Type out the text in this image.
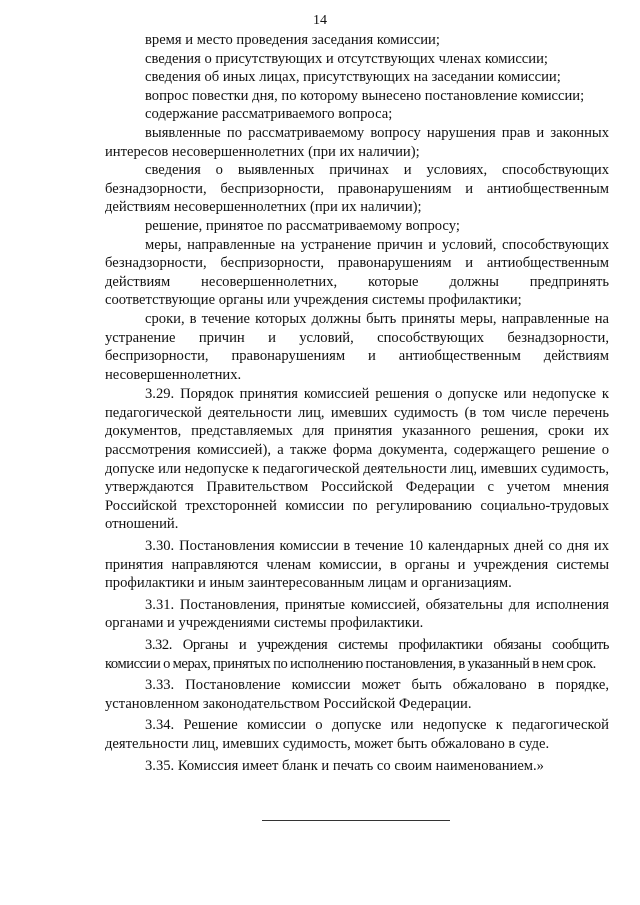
14

время и место проведения заседания комиссии;

сведения о присутствующих и отсутствующих членах комиссии;

сведения об иных лицах, присутствующих на заседании комиссии;

вопрос повестки дня, по которому вынесено постановление комиссии;

содержание рассматриваемого вопроса;

выявленные по рассматриваемому вопросу нарушения прав и законных интересов несовершеннолетних (при их наличии);

сведения о выявленных причинах и условиях, способствующих безнадзорности, беспризорности, правонарушениям и антиобщественным действиям несовершеннолетних (при их наличии);

решение, принятое по рассматриваемому вопросу;

меры, направленные на устранение причин и условий, способствующих безнадзорности, беспризорности, правонарушениям и антиобщественным действиям несовершеннолетних, которые должны предпринять соответствующие органы или учреждения системы профилактики;

сроки, в течение которых должны быть приняты меры, направленные на устранение причин и условий, способствующих безнадзорности, беспризорности, правонарушениям и антиобщественным действиям несовершеннолетних.

3.29. Порядок принятия комиссией решения о допуске или недопуске к педагогической деятельности лиц, имевших судимость (в том числе перечень документов, представляемых для принятия указанного решения, сроки их рассмотрения комиссией), а также форма документа, содержащего решение о допуске или недопуске к педагогической деятельности лиц, имевших судимость, утверждаются Правительством Российской Федерации с учетом мнения Российской трехсторонней комиссии по регулированию социально-трудовых отношений.

3.30. Постановления комиссии в течение 10 календарных дней со дня их принятия направляются членам комиссии, в органы и учреждения системы профилактики и иным заинтересованным лицам и организациям.

3.31. Постановления, принятые комиссией, обязательны для исполнения органами и учреждениями системы профилактики.

3.32. Органы и учреждения системы профилактики обязаны сообщить комиссии о мерах, принятых по исполнению постановления, в указанный в нем срок.

3.33. Постановление комиссии может быть обжаловано в порядке, установленном законодательством Российской Федерации.

3.34. Решение комиссии о допуске или недопуске к педагогической деятельности лиц, имевших судимость, может быть обжаловано в суде.

3.35. Комиссия имеет бланк и печать со своим наименованием.»
